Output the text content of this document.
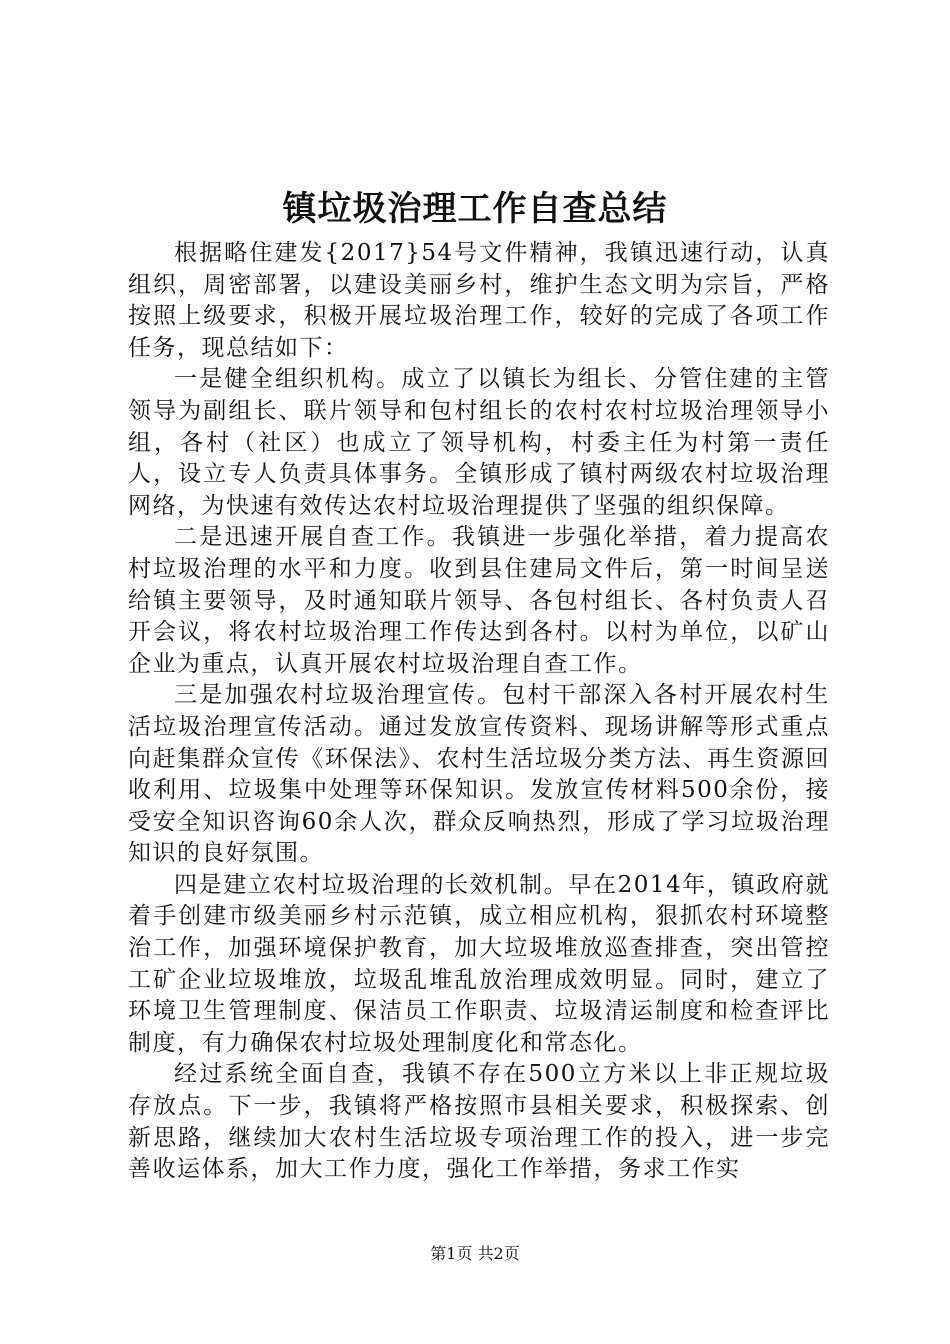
镇垃圾治理工作自查总结

根据略住建发{2017}54号文件精神，我镇迅速行动，认真组织，周密部署，以建设美丽乡村，维护生态文明为宗旨，严格按照上级要求，积极开展垃圾治理工作，较好的完成了各项工作任务，现总结如下：

一是健全组织机构。成立了以镇长为组长、分管住建的主管领导为副组长、联片领导和包村组长的农村农村垃圾治理领导小组，各村（社区）也成立了领导机构，村委主任为村第一责任人，设立专人负责具体事务。全镇形成了镇村两级农村垃圾治理网络，为快速有效传达农村垃圾治理提供了坚强的组织保障。

二是迅速开展自查工作。我镇进一步强化举措，着力提高农村垃圾治理的水平和力度。收到县住建局文件后，第一时间呈送给镇主要领导，及时通知联片领导、各包村组长、各村负责人召开会议，将农村垃圾治理工作传达到各村。以村为单位，以矿山企业为重点，认真开展农村垃圾治理自查工作。

三是加强农村垃圾治理宣传。包村干部深入各村开展农村生活垃圾治理宣传活动。通过发放宣传资料、现场讲解等形式重点向赶集群众宣传《环保法》、农村生活垃圾分类方法、再生资源回收利用、垃圾集中处理等环保知识。发放宣传材料500余份，接受安全知识咨询60余人次，群众反响热烈，形成了学习垃圾治理知识的良好氛围。

四是建立农村垃圾治理的长效机制。早在2014年，镇政府就着手创建市级美丽乡村示范镇，成立相应机构，狠抓农村环境整治工作，加强环境保护教育，加大垃圾堆放巡查排查，突出管控工矿企业垃圾堆放，垃圾乱堆乱放治理成效明显。同时，建立了环境卫生管理制度、保洁员工作职责、垃圾清运制度和检查评比制度，有力确保农村垃圾处理制度化和常态化。

经过系统全面自查，我镇不存在500立方米以上非正规垃圾存放点。下一步，我镇将严格按照市县相关要求，积极探索、创新思路，继续加大农村生活垃圾专项治理工作的投入，进一步完善收运体系，加大工作力度，强化工作举措，务求工作实

第1页 共2页
